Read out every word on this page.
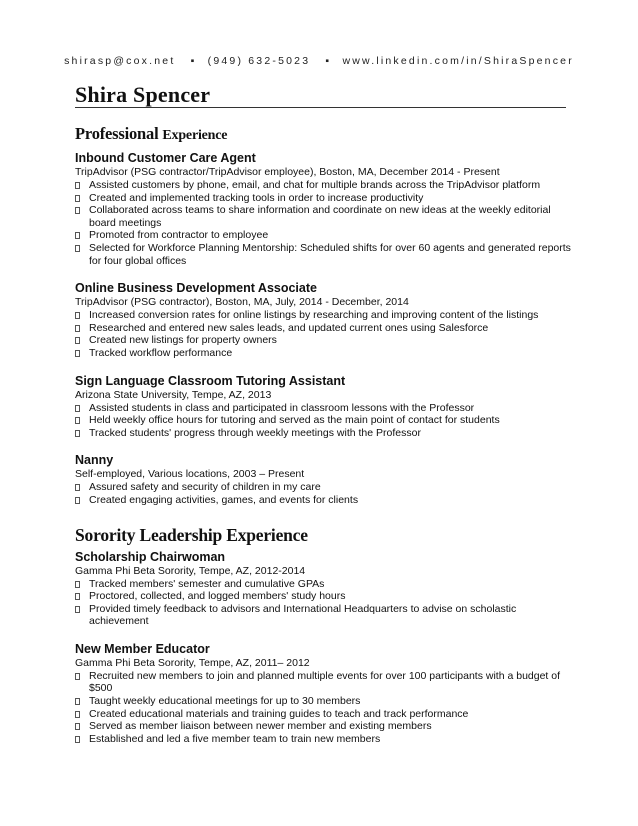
shirasp@cox.net ▪ (949) 632-5023 ▪ www.linkedin.com/in/ShiraSpencer
Shira Spencer
Professional Experience
Inbound Customer Care Agent
TripAdvisor (PSG contractor/TripAdvisor employee), Boston, MA, December 2014 - Present
Assisted customers by phone, email, and chat for multiple brands across the TripAdvisor platform
Created and implemented tracking tools in order to increase productivity
Collaborated across teams to share information and coordinate on new ideas at the weekly editorial board meetings
Promoted from contractor to employee
Selected for Workforce Planning Mentorship: Scheduled shifts for over 60 agents and generated reports for four global offices
Online Business Development Associate
TripAdvisor (PSG contractor), Boston, MA, July, 2014 - December, 2014
Increased conversion rates for online listings by researching and improving content of the listings
Researched and entered new sales leads, and updated current ones using Salesforce
Created new listings for property owners
Tracked workflow performance
Sign Language Classroom Tutoring Assistant
Arizona State University, Tempe, AZ, 2013
Assisted students in class and participated in classroom lessons with the Professor
Held weekly office hours for tutoring and served as the main point of contact for students
Tracked students' progress through weekly meetings with the Professor
Nanny
Self-employed, Various locations, 2003 – Present
Assured safety and security of children in my care
Created engaging activities, games, and events for clients
Sorority Leadership Experience
Scholarship Chairwoman
Gamma Phi Beta Sorority, Tempe, AZ, 2012-2014
Tracked members' semester and cumulative GPAs
Proctored, collected, and logged members' study hours
Provided timely feedback to advisors and International Headquarters to advise on scholastic achievement
New Member Educator
Gamma Phi Beta Sorority, Tempe, AZ, 2011– 2012
Recruited new members to join and planned multiple events for over 100 participants with a budget of $500
Taught weekly educational meetings for up to 30 members
Created educational materials and training guides to teach and track performance
Served as member liaison between newer member and existing members
Established and led a five member team to train new members
